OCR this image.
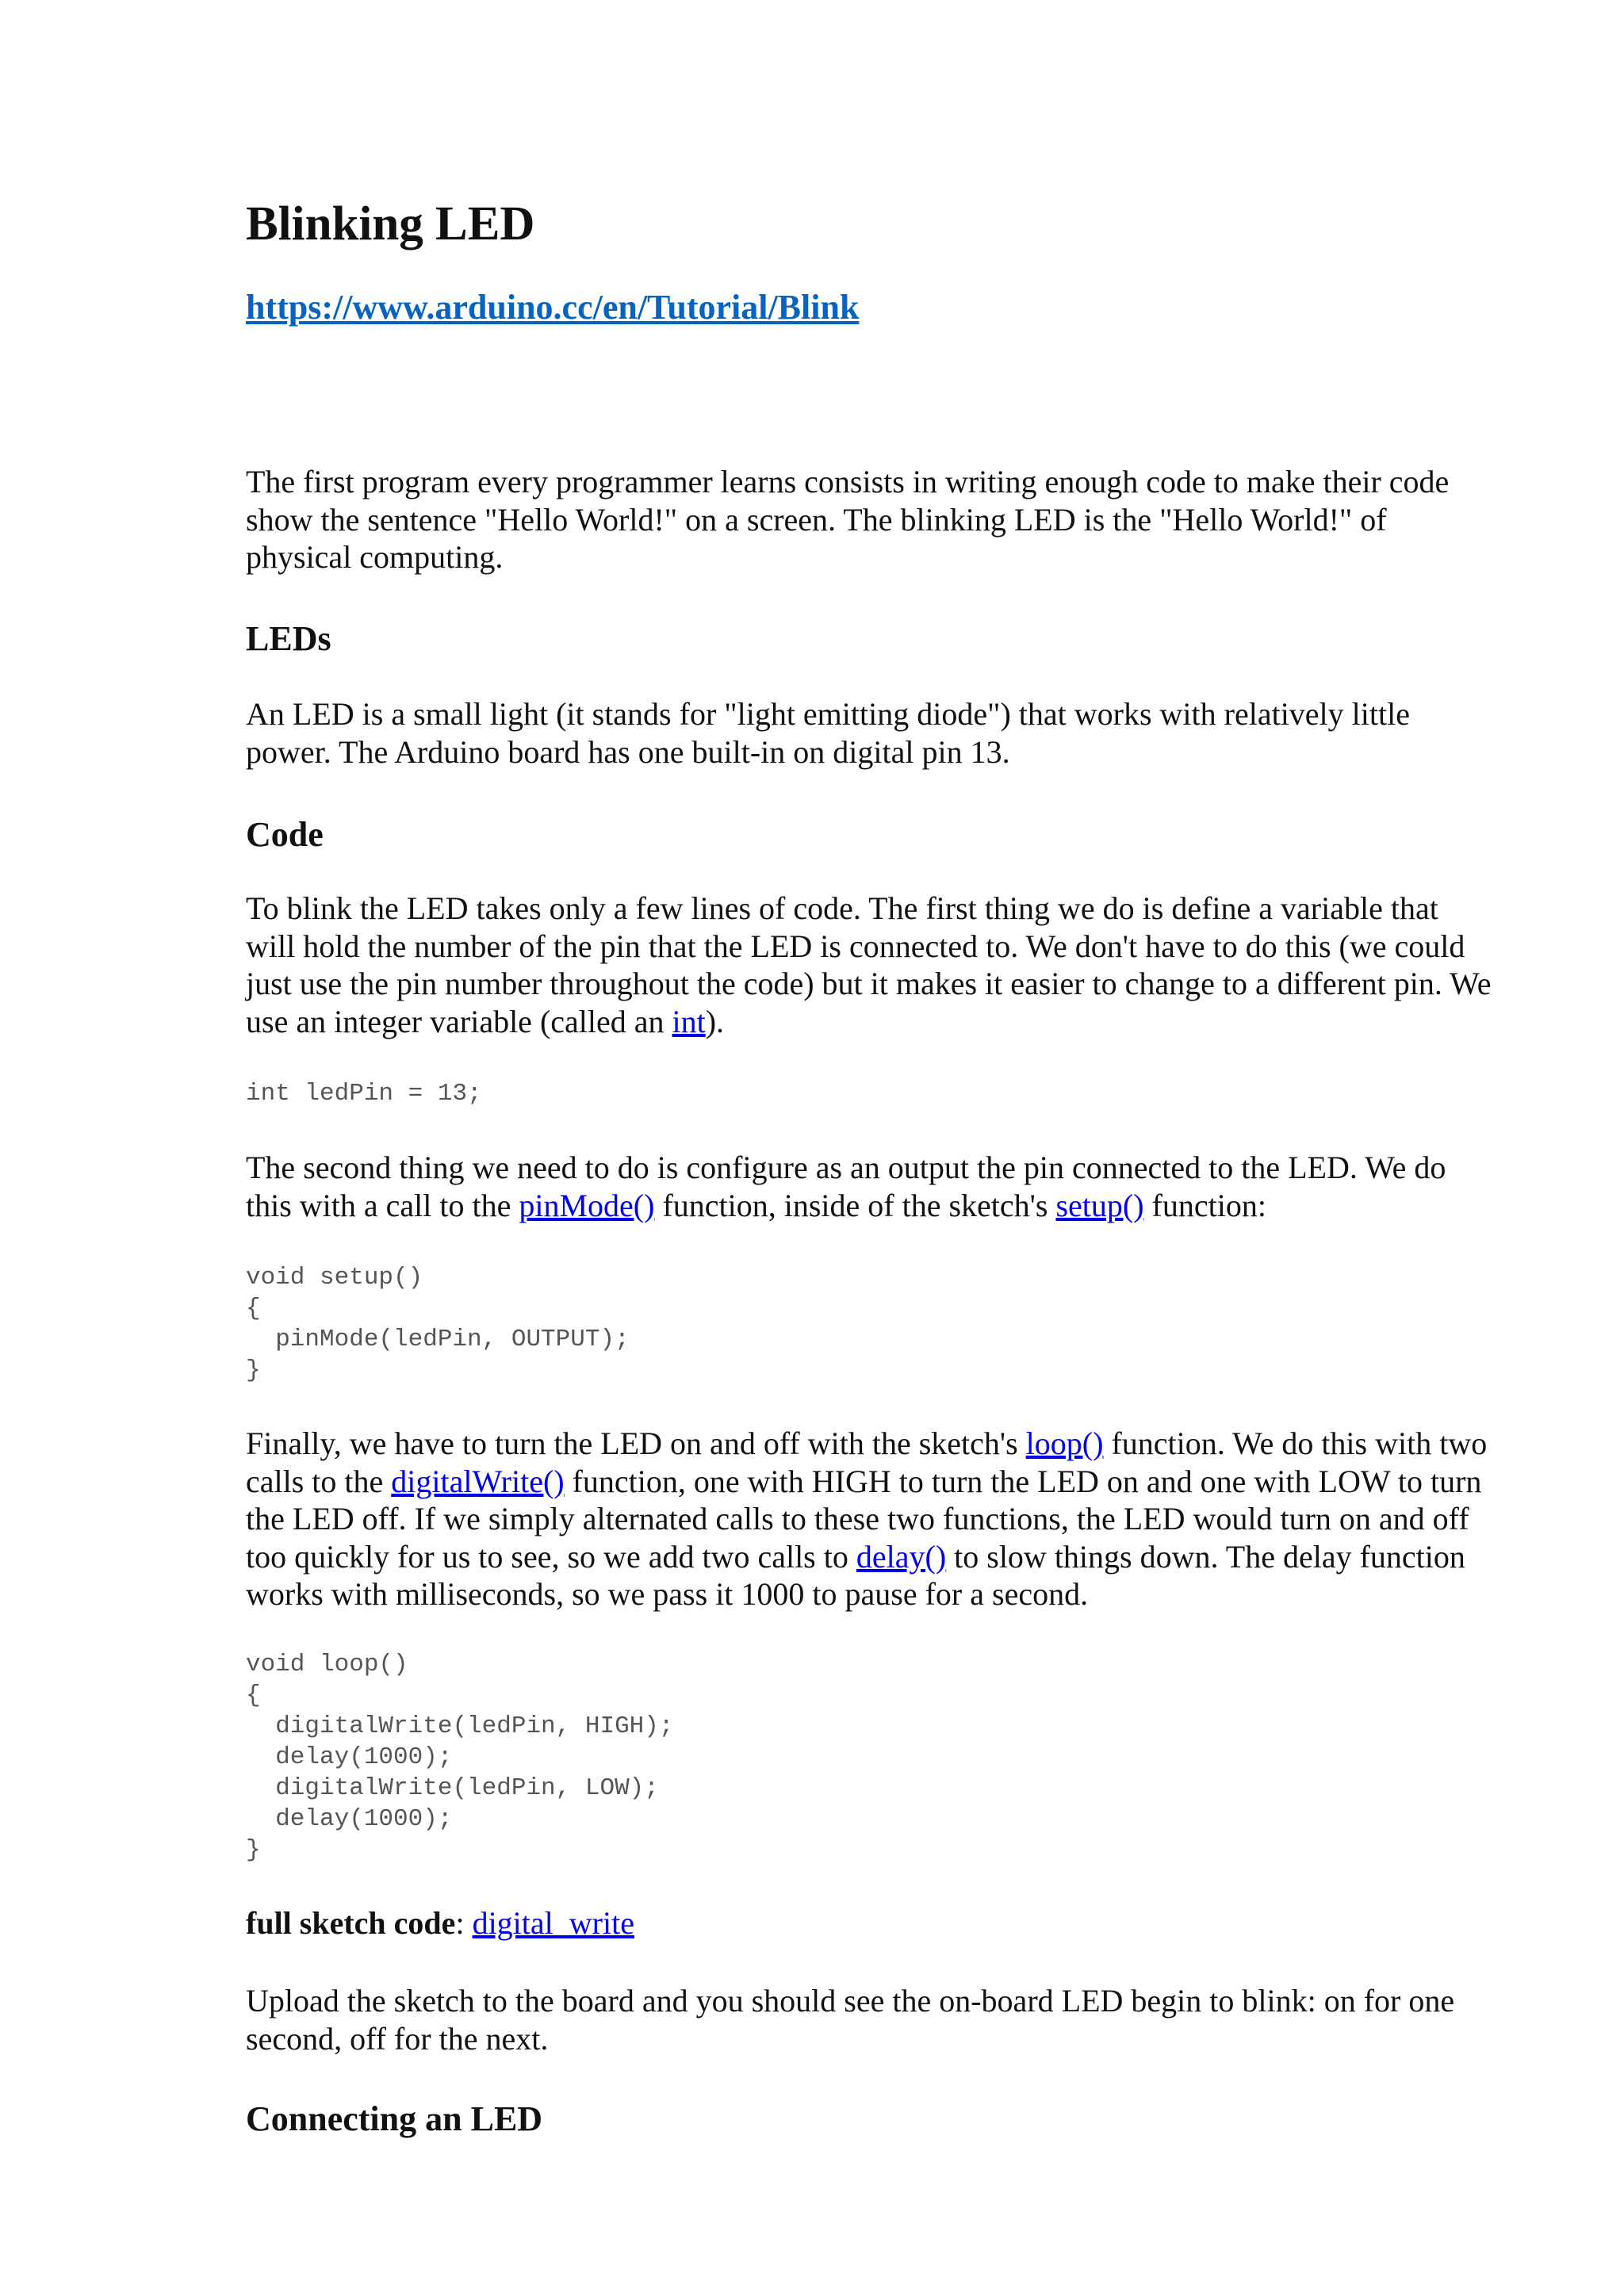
Blinking LED
https://www.arduino.cc/en/Tutorial/Blink

The first program every programmer learns consists in writing enough code to make their code
show the sentence "Hello World!" on a screen. The blinking LED is the "Hello World!" of
physical computing.

LEDs

An LED is a small light (it stands for "light emitting diode") that works with relatively little
power. The Arduino board has one built-in on digital pin 13.

Code

To blink the LED takes only a few lines of code. The first thing we do is define a variable that
will hold the number of the pin that the LED is connected to. We don't have to do this (we could
just use the pin number throughout the code) but it makes it easier to change to a different pin. We
use an integer variable (called an int).

int ledPin = 13;

The second thing we need to do is configure as an output the pin connected to the LED. We do
this with a call to the pinMode() function, inside of the sketch's setup() function:

void setup()
{
pinMode(ledPin, OUTPUT);
}

Finally, we have to turn the LED on and off with the sketch's loop() function. We do this with two
calls to the digitalWrite() function, one with HIGH to turn the LED on and one with LOW to turn
the LED off. If we simply alternated calls to these two functions, the LED would turn on and off
too quickly for us to see, so we add two calls to delay() to slow things down. The delay function
works with milliseconds, so we pass it 1000 to pause for a second.

void loop()
{
digitalWrite(ledPin, HIGH);
delay(1000);
digitalWrite(ledPin, LOW);
delay(1000);
}

full sketch code: digital_write

Upload the sketch to the board and you should see the on-board LED begin to blink: on for one
second, off for the next.

Connecting an LED
